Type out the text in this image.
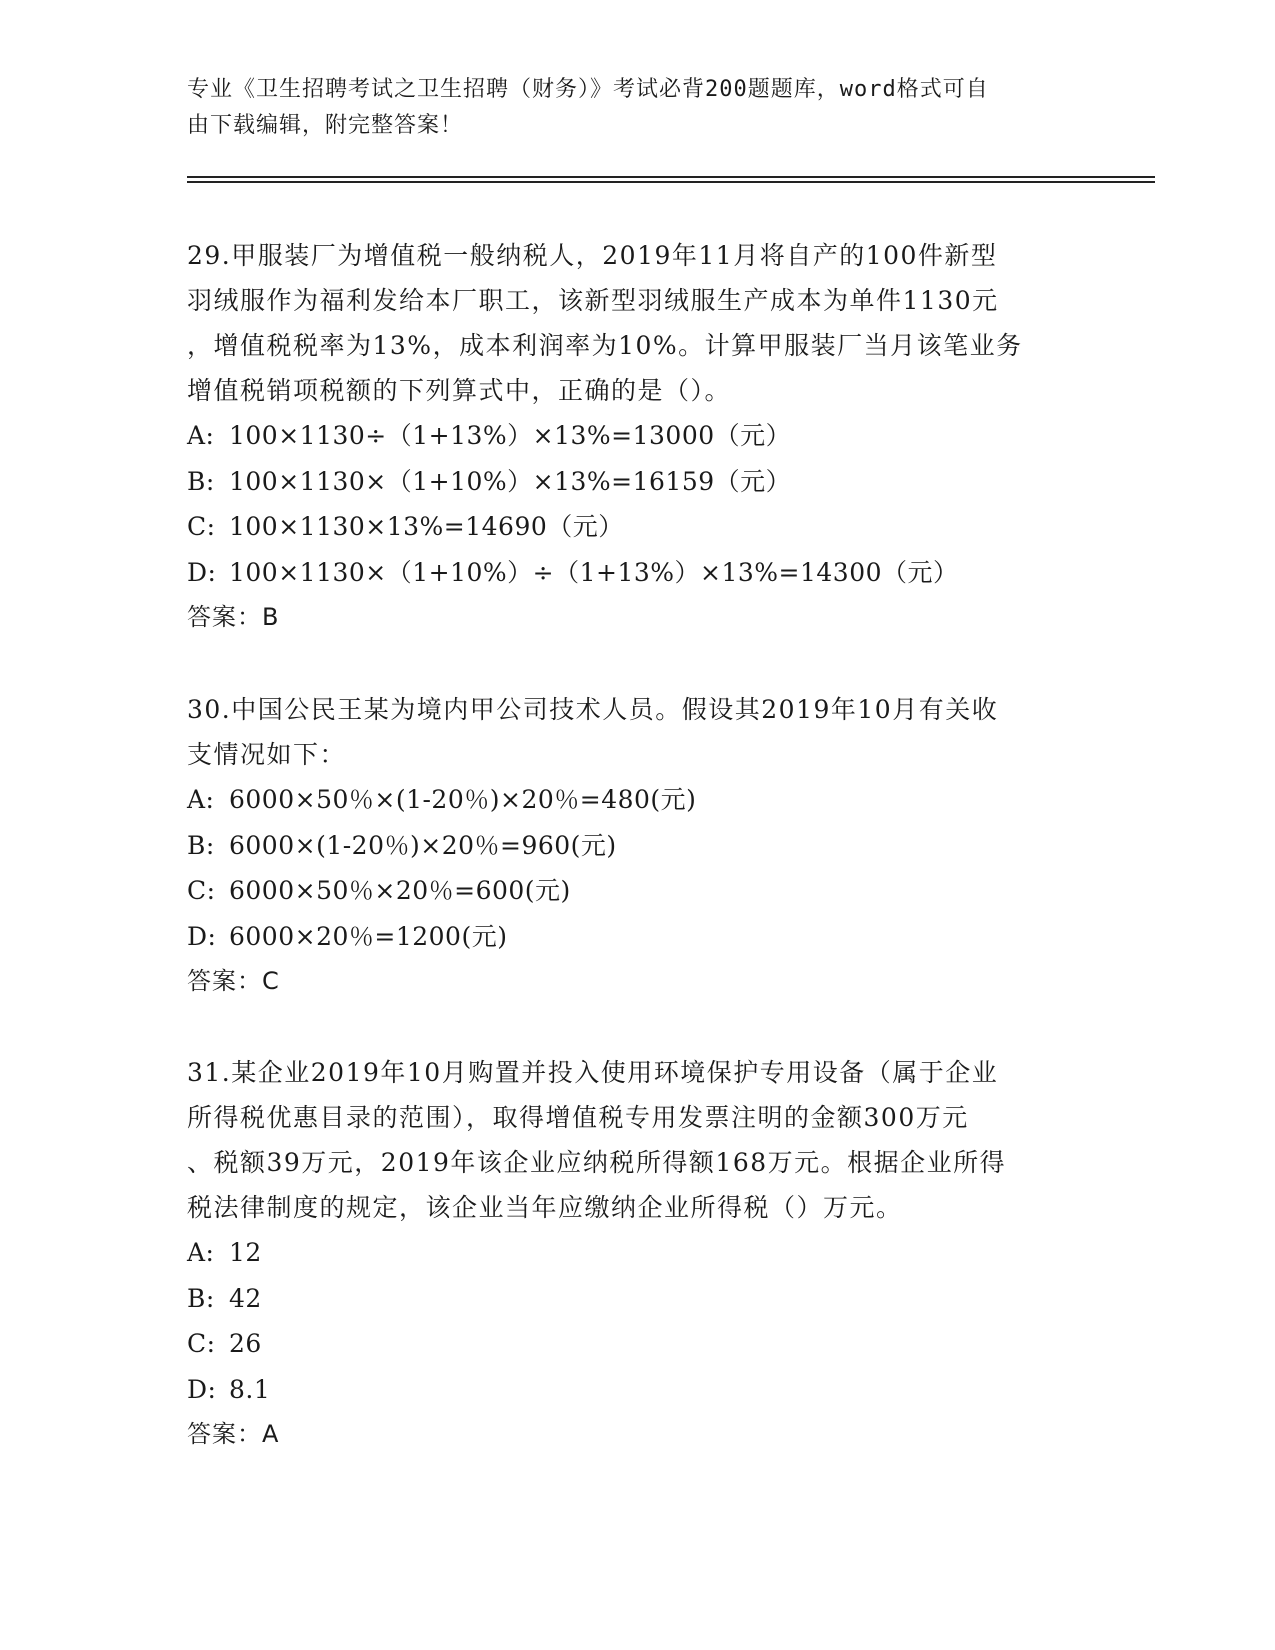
专业《卫生招聘考试之卫生招聘（财务）》考试必背200题题库，word格式可自
由下载编辑，附完整答案！
29.甲服装厂为增值税一般纳税人，2019年11月将自产的100件新型
羽绒服作为福利发给本厂职工，该新型羽绒服生产成本为单件1130元
，增值税税率为13%，成本利润率为10%。计算甲服装厂当月该笔业务
增值税销项税额的下列算式中，正确的是（）。
A: 100×1130÷（1+13%）×13%=13000（元）
B: 100×1130×（1+10%）×13%=16159（元）
C: 100×1130×13%=14690（元）
D: 100×1130×（1+10%）÷（1+13%）×13%=14300（元）
答案：B
30.中国公民王某为境内甲公司技术人员。假设其2019年10月有关收
支情况如下：
A: 6000×50％×(1-20％)×20％=480(元)
B: 6000×(1-20％)×20％=960(元)
C: 6000×50％×20％=600(元)
D: 6000×20％=1200(元)
答案：C
31.某企业2019年10月购置并投入使用环境保护专用设备（属于企业
所得税优惠目录的范围），取得增值税专用发票注明的金额300万元
、税额39万元，2019年该企业应纳税所得额168万元。根据企业所得
税法律制度的规定，该企业当年应缴纳企业所得税（）万元。
A: 12
B: 42
C: 26
D: 8.1
答案：A
